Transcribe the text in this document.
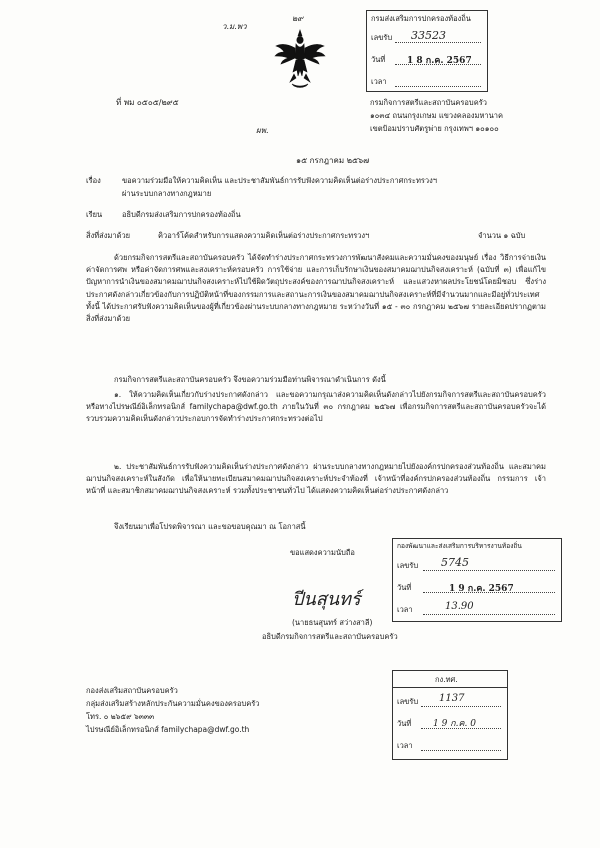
ว.ม.พว
๒๙	กรมส่งเสริมการปกครองท้องถิ่น
เลขรับ 33523
วันที่ 1 8 ก.ค. 2567
เวลา
ที่ พม ๐๕๐๕/๒๙๕
ผพ.
กรมกิจการสตรีและสถาบันครอบครัว
๑๐๓๔ ถนนกรุงเกษม แขวงคลองมหานาค
เขตป้อมปราบศัตรูพ่าย กรุงเทพฯ ๑๐๑๐๐
๑๕ กรกฎาคม ๒๕๖๗
เรื่อง	ขอความร่วมมือให้ความคิดเห็น และประชาสัมพันธ์การรับฟังความคิดเห็นต่อร่างประกาศกระทรวงฯ
ผ่านระบบกลางทางกฎหมาย
เรียน	อธิบดีกรมส่งเสริมการปกครองท้องถิ่น
สิ่งที่ส่งมาด้วย	คิวอาร์โค้ดสำหรับการแสดงความคิดเห็นต่อร่างประกาศกระทรวงฯ	จำนวน ๑ ฉบับ

ด้วยกรมกิจการสตรีและสถาบันครอบครัว ได้จัดทำร่างประกาศกระทรวงการพัฒนาสังคมและความมั่นคงของมนุษย์ เรื่อง วิธีการจ่ายเงินค่าจัดการศพ หรือค่าจัดการศพและสงเคราะห์ครอบครัว การใช้จ่าย และการเก็บรักษาเงินของสมาคมฌาปนกิจสงเคราะห์ (ฉบับที่ ๓) เพื่อแก้ไขปัญหาการนำเงินของสมาคมฌาปนกิจสงเคราะห์ไปใช้ผิดวัตถุประสงค์ของการฌาปนกิจสงเคราะห์ และแสวงหาผลประโยชน์โดยมิชอบ ซึ่งร่างประกาศดังกล่าวเกี่ยวข้องกับการปฏิบัติหน้าที่ของกรรมการและสถานะการเงินของสมาคมฌาปนกิจสงเคราะห์ที่มีจำนวนมากและมีอยู่ทั่วประเทศ ทั้งนี้ ได้ประกาศรับฟังความคิดเห็นของผู้ที่เกี่ยวข้องผ่านระบบกลางทางกฎหมาย ระหว่างวันที่ ๑๕ - ๓๐ กรกฎาคม ๒๕๖๗ รายละเอียดปรากฏตามสิ่งที่ส่งมาด้วย

กรมกิจการสตรีและสถาบันครอบครัว จึงขอความร่วมมือท่านพิจารณาดำเนินการ ดังนี้

๑. ให้ความคิดเห็นเกี่ยวกับร่างประกาศดังกล่าว และขอความกรุณาส่งความคิดเห็นดังกล่าวไปยังกรมกิจการสตรีและสถาบันครอบครัว หรือทางไปรษณีย์อิเล็กทรอนิกส์ familychapa@dwf.go.th ภายในวันที่ ๓๐ กรกฎาคม ๒๕๖๗ เพื่อกรมกิจการสตรีและสถาบันครอบครัวจะได้รวบรวมความคิดเห็นดังกล่าวประกอบการจัดทำร่างประกาศกระทรวงต่อไป

๒. ประชาสัมพันธ์การรับฟังความคิดเห็นร่างประกาศดังกล่าว ผ่านระบบกลางทางกฎหมายไปยังองค์กรปกครองส่วนท้องถิ่น และสมาคมฌาปนกิจสงเคราะห์ในสังกัด เพื่อให้นายทะเบียนสมาคมฌาปนกิจสงเคราะห์ประจำท้องที่ เจ้าหน้าที่องค์กรปกครองส่วนท้องถิ่น กรรมการ เจ้าหน้าที่ และสมาชิกสมาคมฌาปนกิจสงเคราะห์ รวมทั้งประชาชนทั่วไป ได้แสดงความคิดเห็นต่อร่างประกาศดังกล่าว

จึงเรียนมาเพื่อโปรดพิจารณา และขอขอบคุณมา ณ โอกาสนี้

ขอแสดงความนับถือ
ปีนสุนทร์
(นายธนสุนทร์ สว่างสาลี)
อธิบดีกรมกิจการสตรีและสถาบันครอบครัว
กองพัฒนาและส่งเสริมการบริหารงานท้องถิ่น
เลขรับ 5745
วันที่	1 9 ก.ค. 2567
เวลา	13.90
กองส่งเสริมสถาบันครอบครัว
กลุ่มส่งเสริมสร้างหลักประกันความมั่นคงของครอบครัว
โทร. ๐ ๒๖๕๙ ๖๓๓๓
ไปรษณีย์อิเล็กทรอนิกส์ familychapa@dwf.go.th
กง.ทศ.
เลขรับ 1137
วันที่ 1 9 ก.ค. 0
เวลา
